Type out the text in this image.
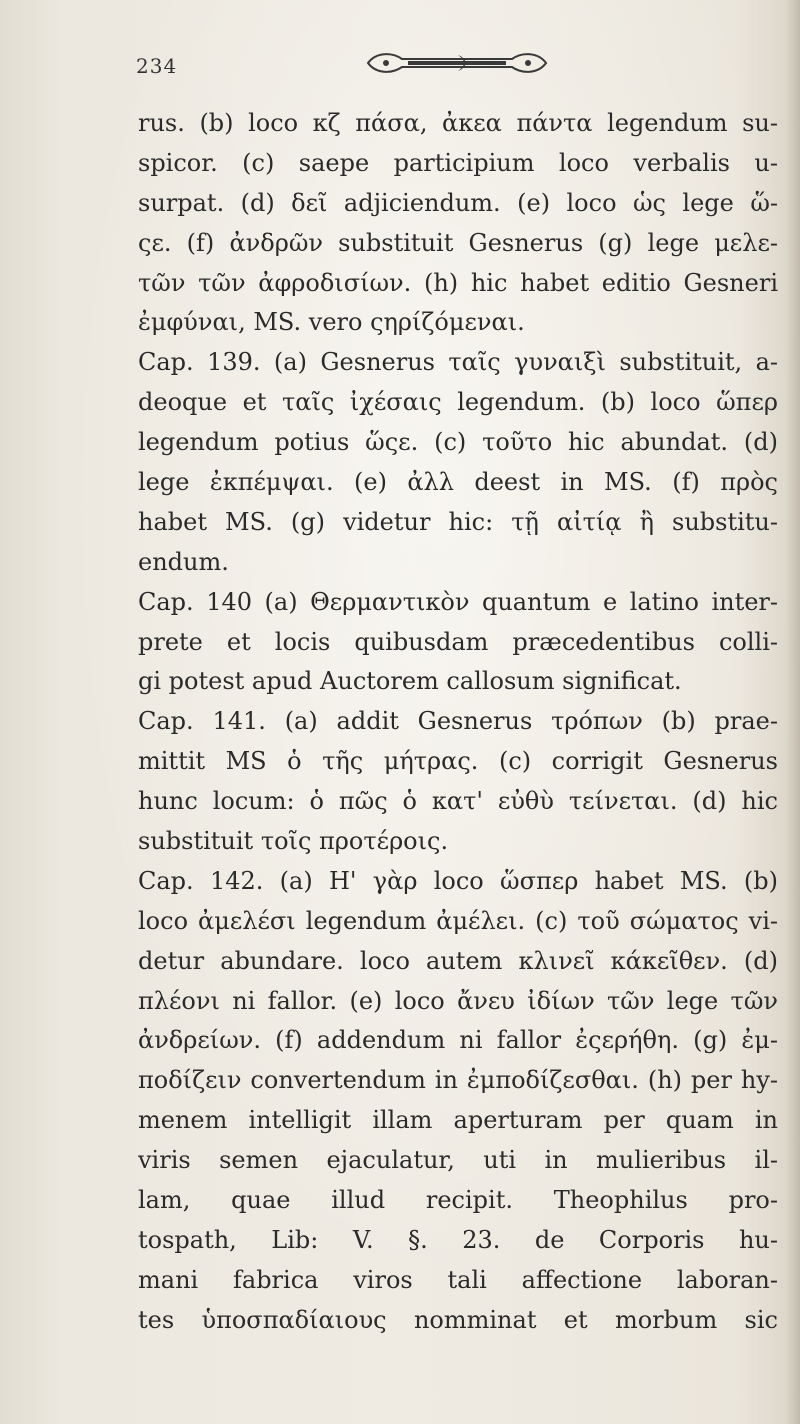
234
rus. (b) loco κζ πάσα, ἀκεα πάντα legendum su-
spicor. (c) saepe participium loco verbalis u-
surpat. (d) δεῖ adjiciendum. (e) loco ὡς lege ὥ-
ςε. (f) ἀνδρῶν substituit Gesnerus (g) lege μελε-
τῶν τῶν ἀφροδισίων. (h) hic habet editio Gesneri
ἐμφύναι, MS. vero ςηρίζόμεναι.
Cap. 139. (a) Gesnerus ταῖς γυναιξὶ substituit, a-
deoque et ταῖς ἰχέσαις legendum. (b) loco ὥπερ
legendum potius ὥςε. (c) τοῦτο hic abundat. (d)
lege ἐκπέμψαι. (e) ἀλλ deest in MS. (f) πρὸς
habet MS. (g) videtur hic: τῇ αἰτίᾳ ἢ substitu-
endum.
Cap. 140 (a) Θερμαντικὸν quantum e latino inter-
prete et locis quibusdam præcedentibus colli-
gi potest apud Auctorem callosum significat.
Cap. 141. (a) addit Gesnerus τρόπων (b) prae-
mittit MS ὁ τῆς μήτρας. (c) corrigit Gesnerus
hunc locum: ὁ πῶς ὁ κατ' εὐθὺ τείνεται. (d) hic
substituit τοῖς προτέροις.
Cap. 142. (a) H' γὰρ loco ὥσπερ habet MS. (b)
loco ἀμελέσι legendum ἀμέλει. (c) τοῦ σώματος vi-
detur abundare. loco autem κλινεῖ κάκεῖθεν. (d)
πλέονι ni fallor. (e) loco ἄνευ ἰδίων τῶν lege τῶν
ἀνδρείων. (f) addendum ni fallor ἐςερήθη. (g) ἐμ-
ποδίζειν convertendum in ἐμποδίζεσθαι. (h) per hy-
menem intelligit illam aperturam per quam in
viris semen ejaculatur, uti in mulieribus il-
lam, quae illud recipit. Theophilus pro-
tospath, Lib: V. §. 23. de Corporis hu-
mani fabrica viros tali affectione laboran-
tes ὑποσπαδίαιους nomminat et morbum sic
